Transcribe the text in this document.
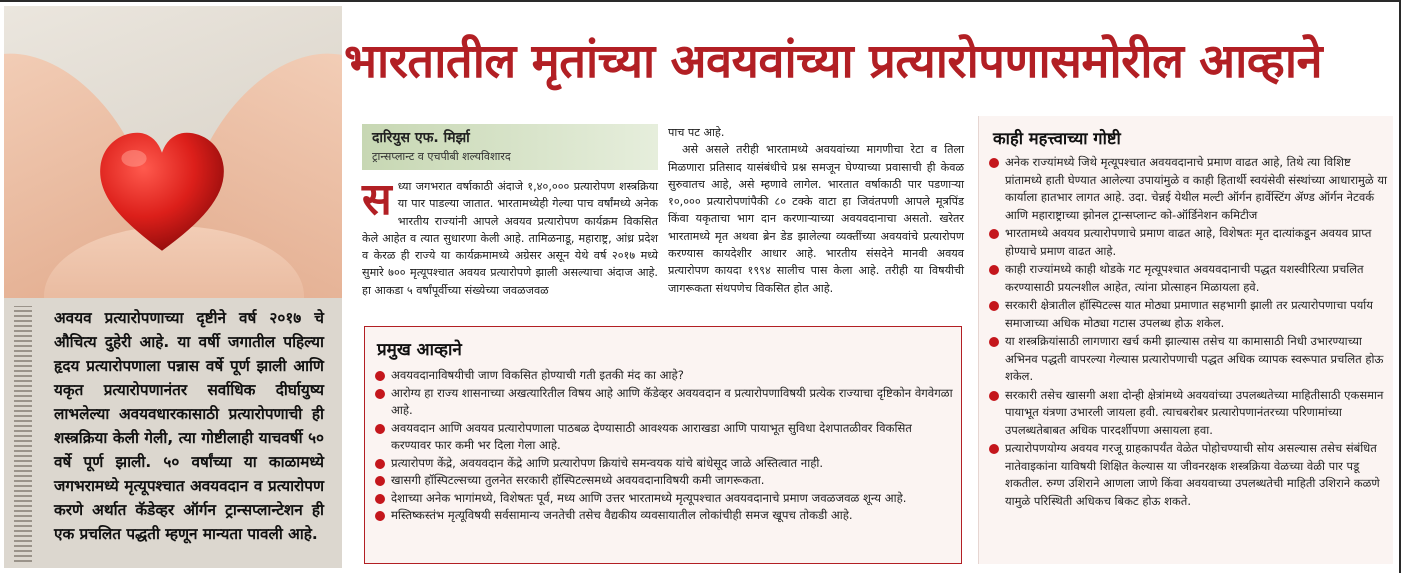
अवयव प्रत्यारोपणाच्या दृष्टीने वर्ष २०१७ चे औचित्य दुहेरी आहे. या वर्षी जगातील पहिल्या हृदय प्रत्यारोपणाला पन्नास वर्षे पूर्ण झाली आणि यकृत प्रत्यारोपणानंतर सर्वाधिक दीर्घायुष्य लाभलेल्या अवयवधारकासाठी प्रत्यारोपणाची ही शस्त्रक्रिया केली गेली, त्या गोष्टीलाही याचवर्षी ५० वर्षे पूर्ण झाली. ५० वर्षांच्या या काळामध्ये जगभरामध्ये मृत्यूपश्चात अवयवदान व प्रत्यारोपण करणे अर्थात कॅडेव्हर ऑर्गन ट्रान्सप्लान्टेशन ही एक प्रचलित पद्धती म्हणून मान्यता पावली आहे.
भारतातील मृतांच्या अवयवांच्या प्रत्यारोपणासमोरील आव्हाने
दारियुस एफ. मिर्झा
ट्रान्सप्लान्ट व एचपीबी शल्यविशारद
स ध्या जगभरात वर्षाकाठी अंदाजे १,४०,००० प्रत्यारोपण शस्त्रक्रिया या पार पाडल्या जातात. भारतामध्येही गेल्या पाच वर्षांमध्ये अनेक भारतीय राज्यांनी आपले अवयव प्रत्यारोपण कार्यक्रम विकसित केले आहेत व त्यात सुधारणा केली आहे. तामिळनाडू, महाराष्ट्र, आंध्र प्रदेश व केरळ ही राज्ये या कार्यक्रमामध्ये अग्रेसर असून येथे वर्ष २०१७ मध्ये सुमारे ७०० मृत्यूपश्चात अवयव प्रत्यारोपणे झाली असल्याचा अंदाज आहे. हा आकडा ५ वर्षांपूर्वीच्या संख्येच्या जवळजवळ

पाच पट आहे.

असे असले तरीही भारतामध्ये अवयवांच्या मागणीचा रेटा व तिला मिळणारा प्रतिसाद यासंबंधीचे प्रश्न समजून घेण्याच्या प्रवासाची ही केवळ सुरुवातच आहे, असे म्हणावे लागेल. भारतात वर्षाकाठी पार पडणाऱ्या १०,००० प्रत्यारोपणांपैकी ८० टक्के वाटा हा जिवंतपणी आपले मूत्रपिंड किंवा यकृताचा भाग दान करणाऱ्याच्या अवयवदानाचा असतो. खरेतर भारतामध्ये मृत अथवा ब्रेन डेड झालेल्या व्यक्तींच्या अवयवांचे प्रत्यारोपण करण्यास कायदेशीर आधार आहे. भारतीय संसदेने मानवी अवयव प्रत्यारोपण कायदा १९९४ सालीच पास केला आहे. तरीही या विषयीची जागरूकता संथपणेच विकसित होत आहे.

प्रमुख आव्हाने
अवयवदानाविषयीची जाण विकसित होण्याची गती इतकी मंद का आहे?
आरोग्य हा राज्य शासनाच्या अखत्यारितील विषय आहे आणि कॅडेव्हर अवयवदान व प्रत्यारोपणाविषयी प्रत्येक राज्याचा दृष्टिकोन वेगवेगळा आहे.
अवयवदान आणि अवयव प्रत्यारोपणाला पाठबळ देण्यासाठी आवश्यक आराखडा आणि पायाभूत सुविधा देशपातळीवर विकसित करण्यावर फार कमी भर दिला गेला आहे.
प्रत्यारोपण केंद्रे, अवयवदान केंद्रे आणि प्रत्यारोपण क्रियांचे समन्वयक यांचे बांधेसूद जाळे अस्तित्वात नाही.
खासगी हॉस्पिटल्सच्या तुलनेत सरकारी हॉस्पिटल्समध्ये अवयवदानाविषयी कमी जागरूकता.
देशाच्या अनेक भागांमध्ये, विशेषतः पूर्व, मध्य आणि उत्तर भारतामध्ये मृत्यूपश्चात अवयवदानाचे प्रमाण जवळजवळ शून्य आहे.
मस्तिष्कस्तंभ मृत्यूविषयी सर्वसामान्य जनतेची तसेच वैद्यकीय व्यवसायातील लोकांचीही समज खूपच तोकडी आहे.
काही महत्त्वाच्या गोष्टी
अनेक राज्यांमध्ये जिथे मृत्यूपश्चात अवयवदानाचे प्रमाण वाढत आहे, तिथे त्या विशिष्ट प्रांतामध्ये हाती घेण्यात आलेल्या उपायांमुळे व काही हितार्थी स्वयंसेवी संस्थांच्या आधारामुळे या कार्याला हातभार लागत आहे. उदा. चेन्नई येथील मल्टी ऑर्गन हार्वेस्टिंग ॲण्ड ऑर्गन नेटवर्क आणि महाराष्ट्राच्या झोनल ट्रान्सप्लान्ट को-ऑर्डिनेशन कमिटीज
भारतामध्ये अवयव प्रत्यारोपणाचे प्रमाण वाढत आहे, विशेषतः मृत दात्यांकडून अवयव प्राप्त होण्याचे प्रमाण वाढत आहे.
काही राज्यांमध्ये काही थोडके गट मृत्यूपश्चात अवयवदानाची पद्धत यशस्वीरित्या प्रचलित करण्यासाठी प्रयत्नशील आहेत, त्यांना प्रोत्साहन मिळायला हवे.
सरकारी क्षेत्रातील हॉस्पिटल्स यात मोठ्या प्रमाणात सहभागी झाली तर प्रत्यारोपणाचा पर्याय समाजाच्या अधिक मोठ्या गटास उपलब्ध होऊ शकेल.
या शस्त्रक्रियांसाठी लागणारा खर्च कमी झाल्यास तसेच या कामासाठी निधी उभारण्याच्या अभिनव पद्धती वापरल्या गेल्यास प्रत्यारोपणाची पद्धत अधिक व्यापक स्वरूपात प्रचलित होऊ शकेल.
सरकारी तसेच खासगी अशा दोन्ही क्षेत्रांमध्ये अवयवांच्या उपलब्धतेच्या माहितीसाठी एकसमान पायाभूत यंत्रणा उभारली जायला हवी. त्याचबरोबर प्रत्यारोपणानंतरच्या परिणामांच्या उपलब्धतेबाबत अधिक पारदर्शीपणा असायला हवा.
प्रत्यारोपणयोग्य अवयव गरजू ग्राहकापर्यंत वेळेत पोहोचण्याची सोय असल्यास तसेच संबंधित नातेवाइकांना याविषयी शिक्षित केल्यास या जीवनरक्षक शस्त्रक्रिया वेळच्या वेळी पार पडू शकतील. रुग्ण उशिराने आणला जाणे किंवा अवयवाच्या उपलब्धतेची माहिती उशिराने कळणे यामुळे परिस्थिती अधिकच बिकट होऊ शकते.
